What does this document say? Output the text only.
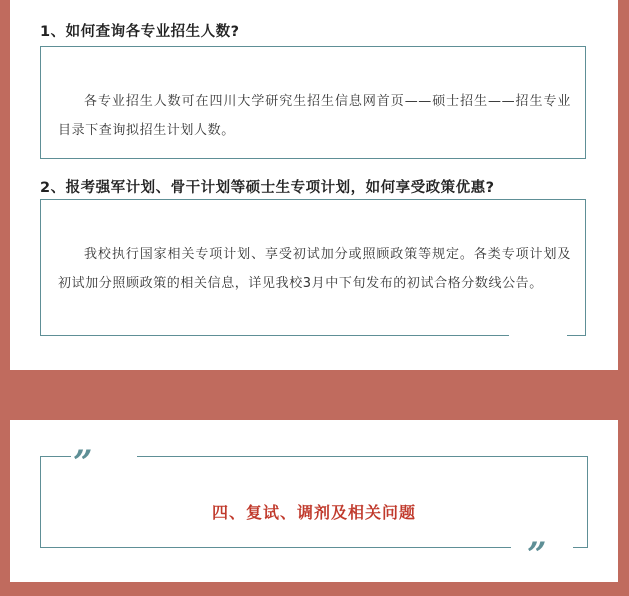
1、如何查询各专业招生人数?

各专业招生人数可在四川大学研究生招生信息网首页——硕士招生——招生专业目录下查询拟招生计划人数。

2、报考强军计划、骨干计划等硕士生专项计划，如何享受政策优惠?

我校执行国家相关专项计划、享受初试加分或照顾政策等规定。各类专项计划及初试加分照顾政策的相关信息，详见我校3月中下旬发布的初试合格分数线公告。

”
”

四、复试、调剂及相关问题
